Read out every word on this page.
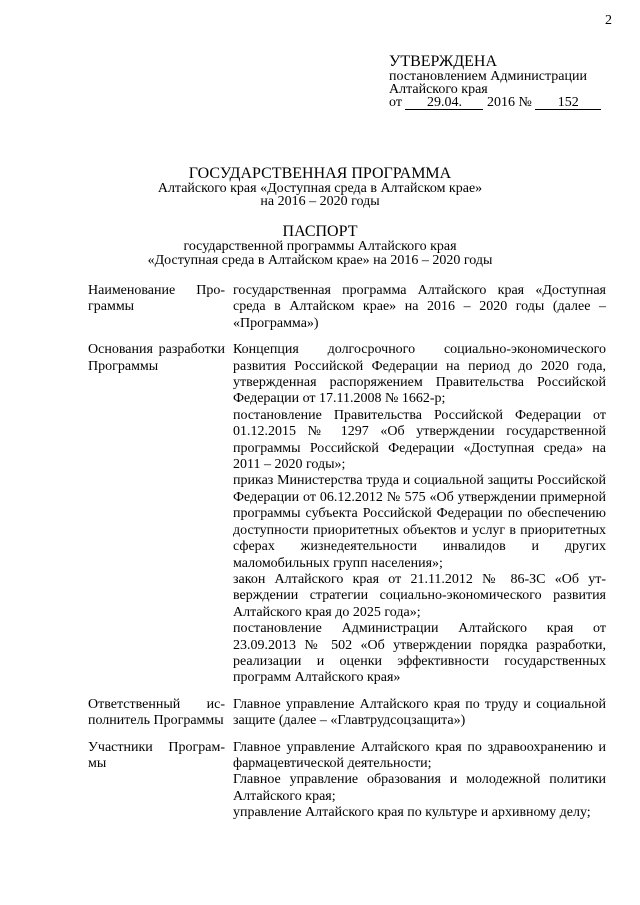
2
УТВЕРЖДЕНА
постановлением Администрации
Алтайского края
от 29.04. 2016 № 152
ГОСУДАРСТВЕННАЯ ПРОГРАММА
Алтайского края «Доступная среда в Алтайском крае»
на 2016 – 2020 годы
ПАСПОРТ
государственной программы Алтайского края
«Доступная среда в Алтайском крае» на 2016 – 2020 годы
Наименование Программы

государственная программа Алтайского края «Доступная среда в Алтайском крае» на 2016 – 2020 годы (далее – «Программа»)

Основания разработки Программы

Концепция долгосрочного социально-экономического развития Российской Федерации на период до 2020 года, утвержденная распоряжением Правительства Российской Федерации от 17.11.2008 № 1662-р;

постановление Правительства Российской Федерации от 01.12.2015 № 1297 «Об утверждении государственной программы Российской Федерации «Доступная среда» на 2011 – 2020 годы»;

приказ Министерства труда и социальной защиты Российской Федерации от 06.12.2012 № 575 «Об утверждении примерной программы субъекта Российской Федерации по обеспечению доступности приоритетных объектов и услуг в приоритетных сферах жизнедеятельности инвалидов и других маломобильных групп населения»;

закон Алтайского края от 21.11.2012 № 86-ЗС «Об утверждении стратегии социально-экономического развития Алтайского края до 2025 года»;

постановление Администрации Алтайского края от 23.09.2013 № 502 «Об утверждении порядка разработки, реализации и оценки эффективности государственных программ Алтайского края»

Ответственный исполнитель Программы

Главное управление Алтайского края по труду и социальной защите (далее – «Главтрудсоцзащита»)

Участники Программы

Главное управление Алтайского края по здравоохранению и фармацевтической деятельности;

Главное управление образования и молодежной политики Алтайского края;

управление Алтайского края по культуре и архивному делу;
